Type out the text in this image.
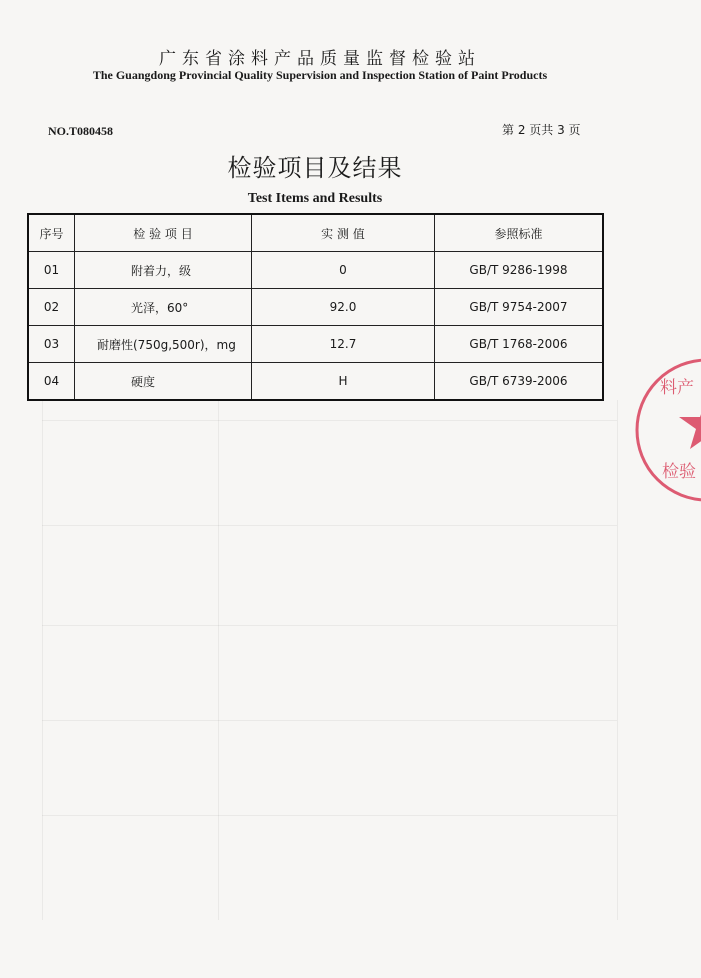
广东省涂料产品质量监督检验站
The Guangdong Provincial Quality Supervision and Inspection Station of Paint Products
NO.T080458	第 2 页共 3 页
检验项目及结果
Test Items and Results
序号	检 验 项 目	实 测 值	参照标准
01	附着力，级	0	GB/T 9286-1998
02	光泽，60°	92.0	GB/T 9754-2007
03	耐磨性(750g,500r)，mg	12.7	GB/T 1768-2006
04	硬度	H	GB/T 6739-2006	料产
检验
